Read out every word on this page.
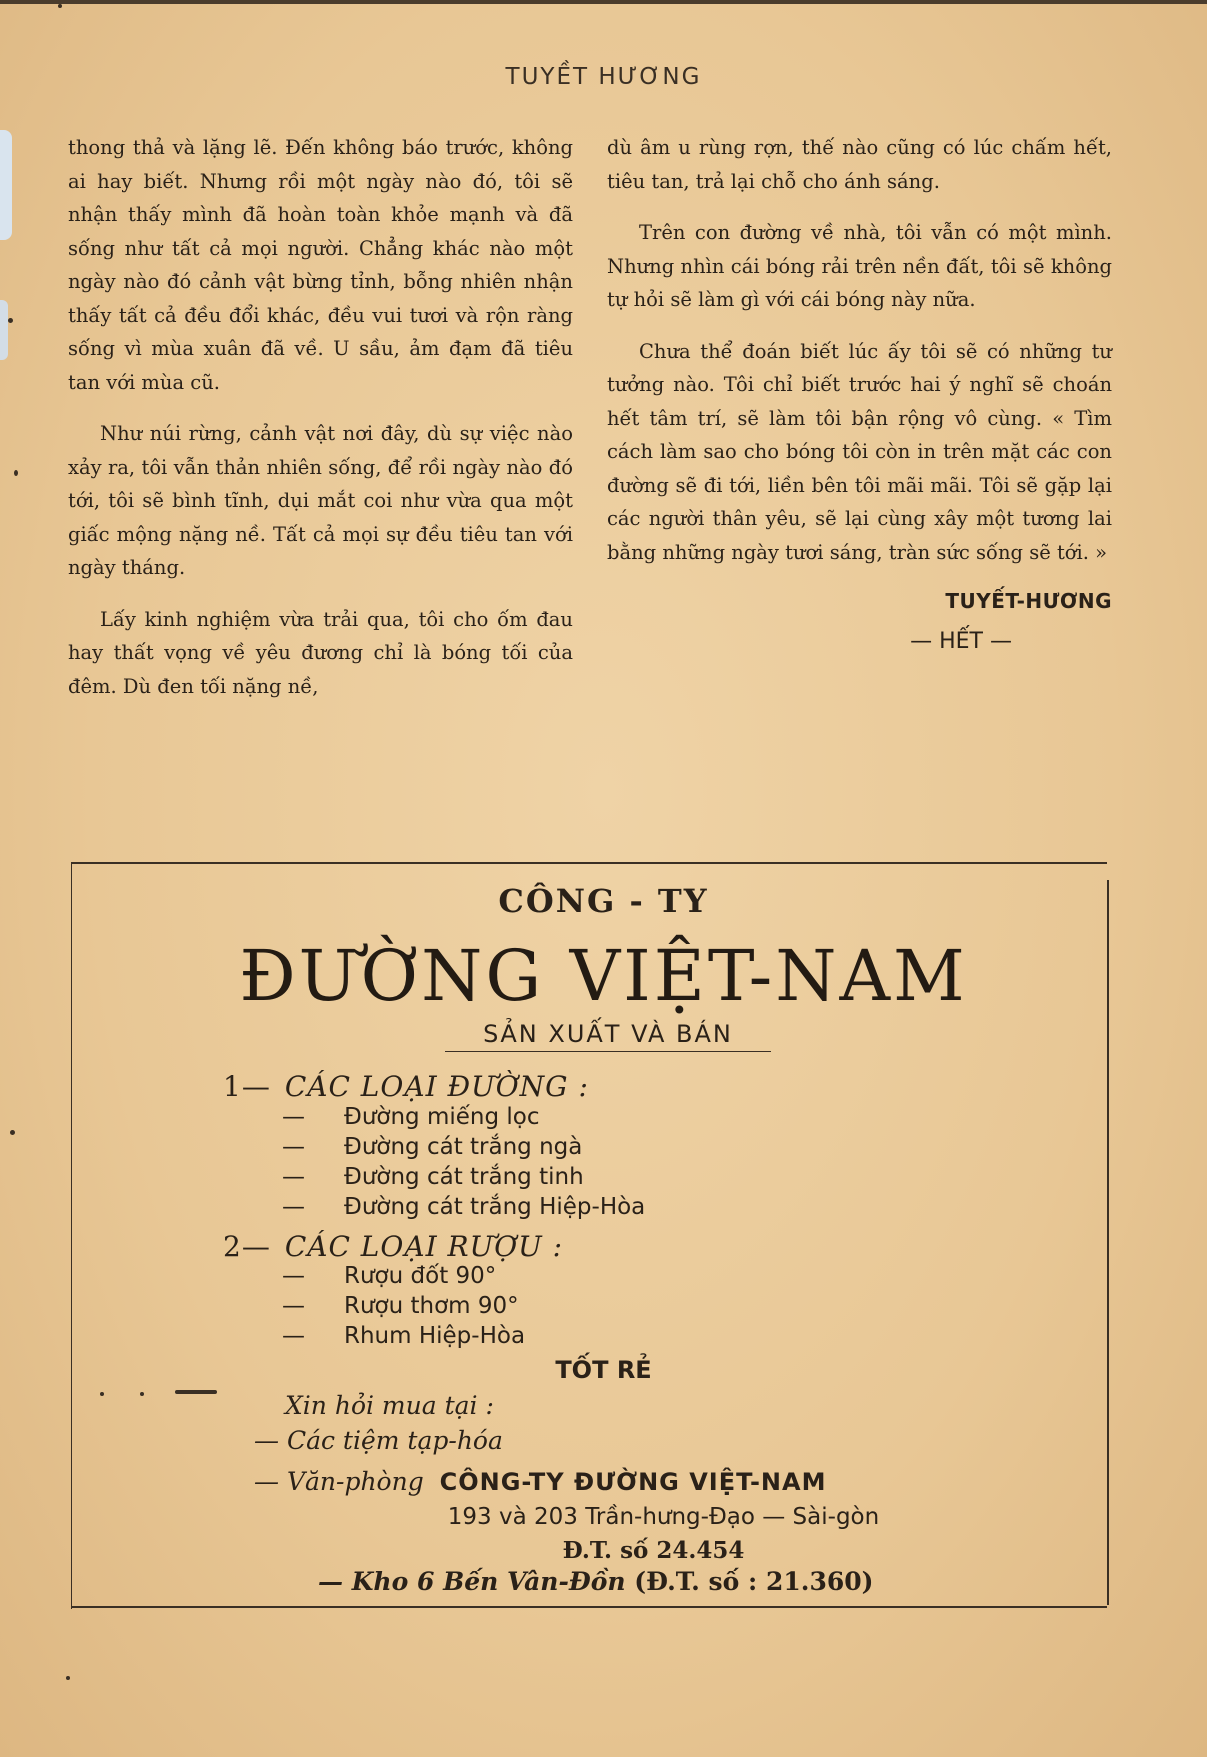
TUYỀT HƯƠNG

thong thả và lặng lẽ. Đến không báo trước, không ai hay biết. Nhưng rồi một ngày nào đó, tôi sẽ nhận thấy mình đã hoàn toàn khỏe mạnh và đã sống như tất cả mọi người. Chẳng khác nào một ngày nào đó cảnh vật bừng tỉnh, bỗng nhiên nhận thấy tất cả đều đổi khác, đều vui tươi và rộn ràng sống vì mùa xuân đã về. U sầu, ảm đạm đã tiêu tan với mùa cũ.

Như núi rừng, cảnh vật nơi đây, dù sự việc nào xảy ra, tôi vẫn thản nhiên sống, để rồi ngày nào đó tới, tôi sẽ bình tĩnh, dụi mắt coi như vừa qua một giấc mộng nặng nề. Tất cả mọi sự đều tiêu tan với ngày tháng.

Lấy kinh nghiệm vừa trải qua, tôi cho ốm đau hay thất vọng về yêu đương chỉ là bóng tối của đêm. Dù đen tối nặng nề,

dù âm u rùng rợn, thế nào cũng có lúc chấm hết, tiêu tan, trả lại chỗ cho ánh sáng.

Trên con đường về nhà, tôi vẫn có một mình. Nhưng nhìn cái bóng rải trên nền đất, tôi sẽ không tự hỏi sẽ làm gì với cái bóng này nữa.

Chưa thể đoán biết lúc ấy tôi sẽ có những tư tưởng nào. Tôi chỉ biết trước hai ý nghĩ sẽ choán hết tâm trí, sẽ làm tôi bận rộng vô cùng. « Tìm cách làm sao cho bóng tôi còn in trên mặt các con đường sẽ đi tới, liền bên tôi mãi mãi. Tôi sẽ gặp lại các người thân yêu, sẽ lại cùng xây một tương lai bằng những ngày tươi sáng, tràn sức sống sẽ tới. »

TUYẾT-HƯƠNG
— HẾT —
CÔNG - TY
ĐƯỜNG VIỆT-NAM
SẢN XUẤT VÀ BÁN
1— CÁC LOẠI ĐƯỜNG :
— Đường miếng lọc
— Đường cát trắng ngà
— Đường cát trắng tinh
— Đường cát trắng Hiệp-Hòa
2— CÁC LOẠI RƯỢU :
— Rượu đốt 90°
— Rượu thơm 90°
— Rhum Hiệp-Hòa
TỐT RẺ
Xin hỏi mua tại :
— Các tiệm tạp-hóa
— Văn-phòng CÔNG-TY ĐƯỜNG VIỆT-NAM
193 và 203 Trần-hưng-Đạo — Sài-gòn
Đ.T. số 24.454
— Kho 6 Bến Vân-Đồn (Đ.T. số : 21.360)
